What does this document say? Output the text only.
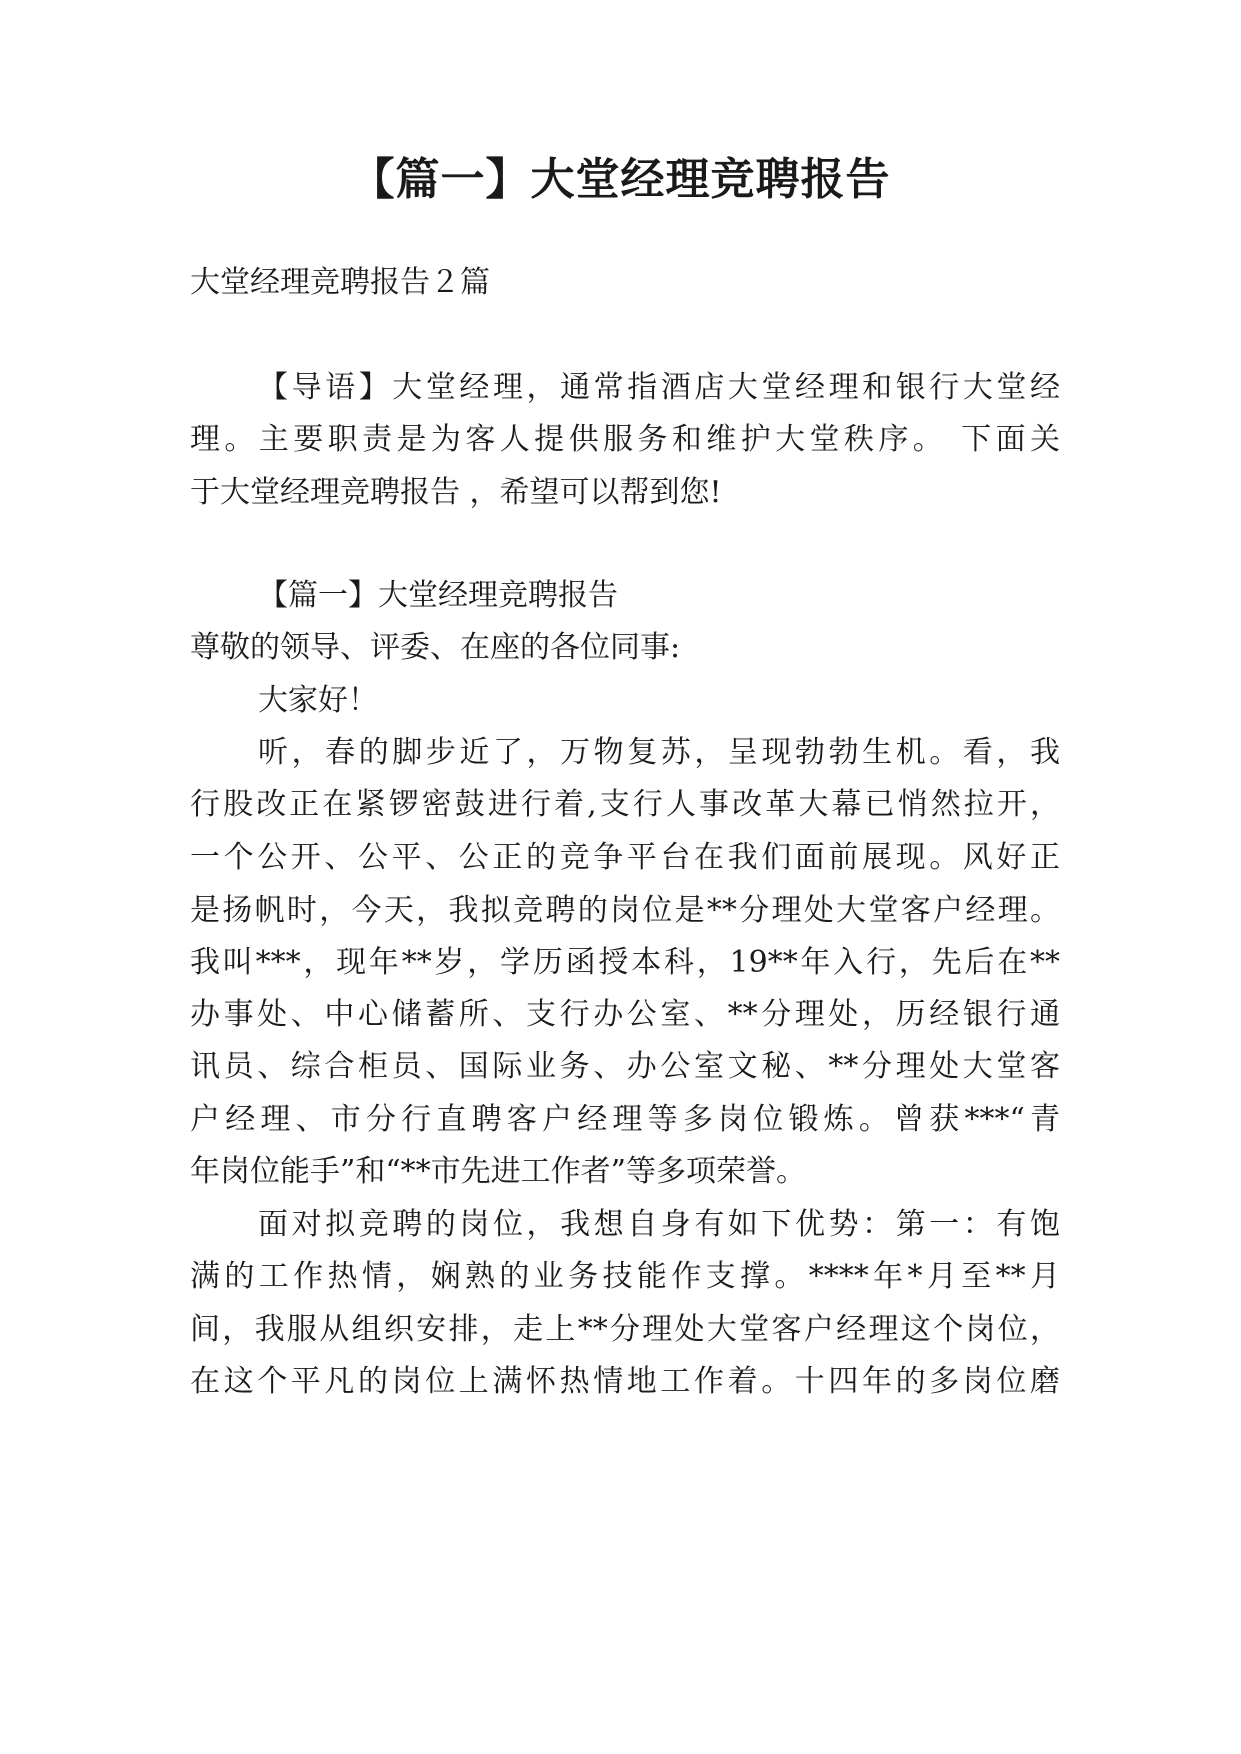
【篇一】大堂经理竞聘报告

大堂经理竞聘报告２篇

【导语】大堂经理，通常指酒店大堂经理和银行大堂经

理。主要职责是为客人提供服务和维护大堂秩序。 下面关

于大堂经理竞聘报告 ，希望可以帮到您!

【篇一】大堂经理竞聘报告

尊敬的领导、评委、在座的各位同事:

大家好！

听，春的脚步近了，万物复苏，呈现勃勃生机。看，我

行股改正在紧锣密鼓进行着,支行人事改革大幕已悄然拉开，

一个公开、公平、公正的竞争平台在我们面前展现。风好正

是扬帆时，今天，我拟竞聘的岗位是**分理处大堂客户经理。

我叫***，现年**岁，学历函授本科，19**年入行，先后在**

办事处、中心储蓄所、支行办公室、**分理处，历经银行通

讯员、综合柜员、国际业务、办公室文秘、**分理处大堂客

户经理、市分行直聘客户经理等多岗位锻炼。曾获***“青

年岗位能手”和“**市先进工作者”等多项荣誉。

面对拟竞聘的岗位，我想自身有如下优势：第一：有饱

满的工作热情，娴熟的业务技能作支撑。****年*月至**月

间，我服从组织安排，走上**分理处大堂客户经理这个岗位，

在这个平凡的岗位上满怀热情地工作着。十四年的多岗位磨
